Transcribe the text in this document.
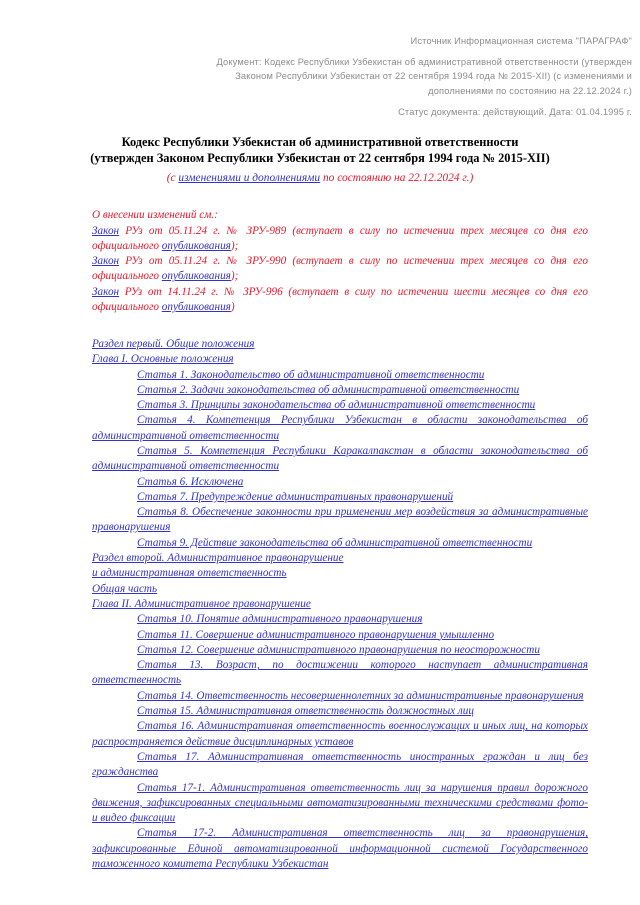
Источник Информационная система "ПАРАГРАФ"
Документ: Кодекс Республики Узбекистан об административной ответственности (утвержден
Законом Республики Узбекистан от 22 сентября 1994 года № 2015-XII) (с изменениями и
дополнениями по состоянию на 22.12.2024 г.)
Статус документа: действующий. Дата: 01.04.1995 г.
Кодекс Республики Узбекистан об административной ответственности
(утвержден Законом Республики Узбекистан от 22 сентября 1994 года № 2015-XII)
(с изменениями и дополнениями по состоянию на 22.12.2024 г.)

О внесении изменений см.:

Закон РУз от 05.11.24 г. № ЗРУ-989 (вступает в силу по истечении трех месяцев со дня его официального опубликования);

Закон РУз от 05.11.24 г. № ЗРУ-990 (вступает в силу по истечении трех месяцев со дня его официального опубликования);

Закон РУз от 14.11.24 г. № ЗРУ-996 (вступает в силу по истечении шести месяцев со дня его официального опубликования)

Раздел первый. Общие положения

Глава I. Основные положения

Статья 1. Законодательство об административной ответственности

Статья 2. Задачи законодательства об административной ответственности

Статья 3. Принципы законодательства об административной ответственности

Статья 4. Компетенция Республики Узбекистан в области законодательства об административной ответственности

Статья 5. Компетенция Республики Каракалпакстан в области законодательства об административной ответственности

Статья 6. Исключена

Статья 7. Предупреждение административных правонарушений

Статья 8. Обеспечение законности при применении мер воздействия за административные правонарушения

Статья 9. Действие законодательства об административной ответственности

Раздел второй. Административное правонарушение

и административная ответственность

Общая часть

Глава II. Административное правонарушение

Статья 10. Понятие административного правонарушения

Статья 11. Совершение административного правонарушения умышленно

Статья 12. Совершение административного правонарушения по неосторожности

Статья 13. Возраст, по достижении которого наступает административная ответственность

Статья 14. Ответственность несовершеннолетних за административные правонарушения

Статья 15. Административная ответственность должностных лиц

Статья 16. Административная ответственность военнослужащих и иных лиц, на которых распространяется действие дисциплинарных уставов

Статья 17. Административная ответственность иностранных граждан и лиц без гражданства

Статья 17-1. Административная ответственность лиц за нарушения правил дорожного движения, зафиксированных специальными автоматизированными техническими средствами фото- и видео фиксации

Статья 17-2. Административная ответственность лиц за правонарушения, зафиксированные Единой автоматизированной информационной системой Государственного таможенного комитета Республики Узбекистан
